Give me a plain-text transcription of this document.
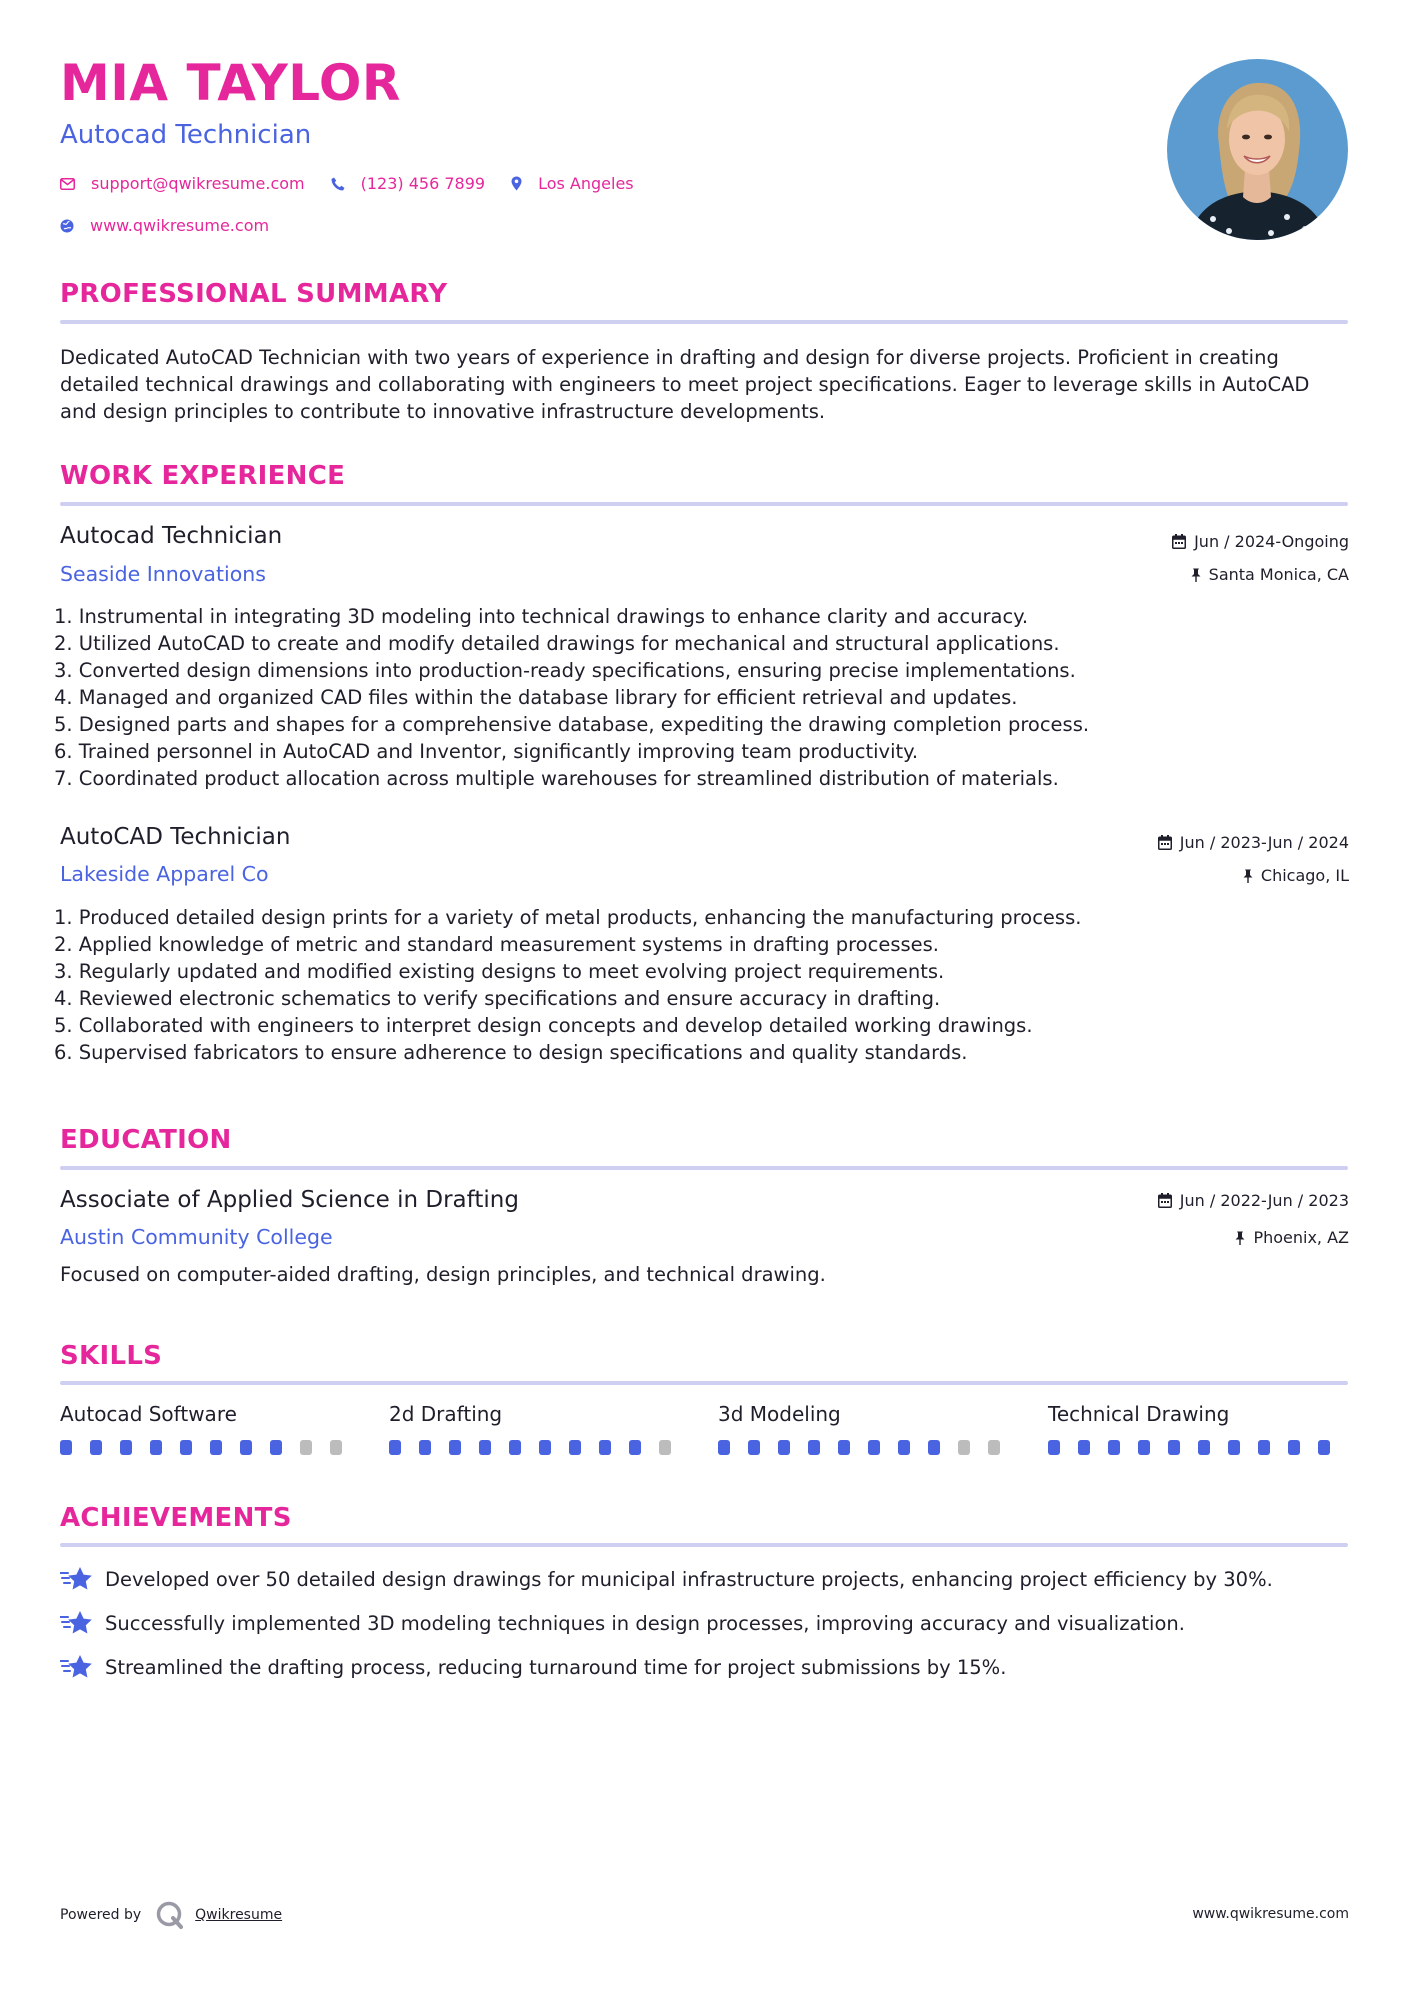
MIA TAYLOR
Autocad Technician
support@qwikresume.com	(123) 456 7899	Los Angeles
www.qwikresume.com
PROFESSIONAL SUMMARY
Dedicated AutoCAD Technician with two years of experience in drafting and design for diverse projects. Proficient in creating detailed technical drawings and collaborating with engineers to meet project specifications. Eager to leverage skills in AutoCAD and design principles to contribute to innovative infrastructure developments.
WORK EXPERIENCE
Autocad Technician	Jun / 2024-Ongoing
Seaside Innovations	Santa Monica, CA
1. Instrumental in integrating 3D modeling into technical drawings to enhance clarity and accuracy.
2. Utilized AutoCAD to create and modify detailed drawings for mechanical and structural applications.
3. Converted design dimensions into production-ready specifications, ensuring precise implementations.
4. Managed and organized CAD files within the database library for efficient retrieval and updates.
5. Designed parts and shapes for a comprehensive database, expediting the drawing completion process.
6. Trained personnel in AutoCAD and Inventor, significantly improving team productivity.
7. Coordinated product allocation across multiple warehouses for streamlined distribution of materials.
AutoCAD Technician	Jun / 2023-Jun / 2024
Lakeside Apparel Co	Chicago, IL
1. Produced detailed design prints for a variety of metal products, enhancing the manufacturing process.
2. Applied knowledge of metric and standard measurement systems in drafting processes.
3. Regularly updated and modified existing designs to meet evolving project requirements.
4. Reviewed electronic schematics to verify specifications and ensure accuracy in drafting.
5. Collaborated with engineers to interpret design concepts and develop detailed working drawings.
6. Supervised fabricators to ensure adherence to design specifications and quality standards.
EDUCATION
Associate of Applied Science in Drafting	Jun / 2022-Jun / 2023
Austin Community College	Phoenix, AZ
Focused on computer-aided drafting, design principles, and technical drawing.
SKILLS
Autocad Software	2d Drafting	3d Modeling	Technical Drawing
ACHIEVEMENTS
Developed over 50 detailed design drawings for municipal infrastructure projects, enhancing project efficiency by 30%.
Successfully implemented 3D modeling techniques in design processes, improving accuracy and visualization.
Streamlined the drafting process, reducing turnaround time for project submissions by 15%.
Powered by	Qwikresume	www.qwikresume.com
